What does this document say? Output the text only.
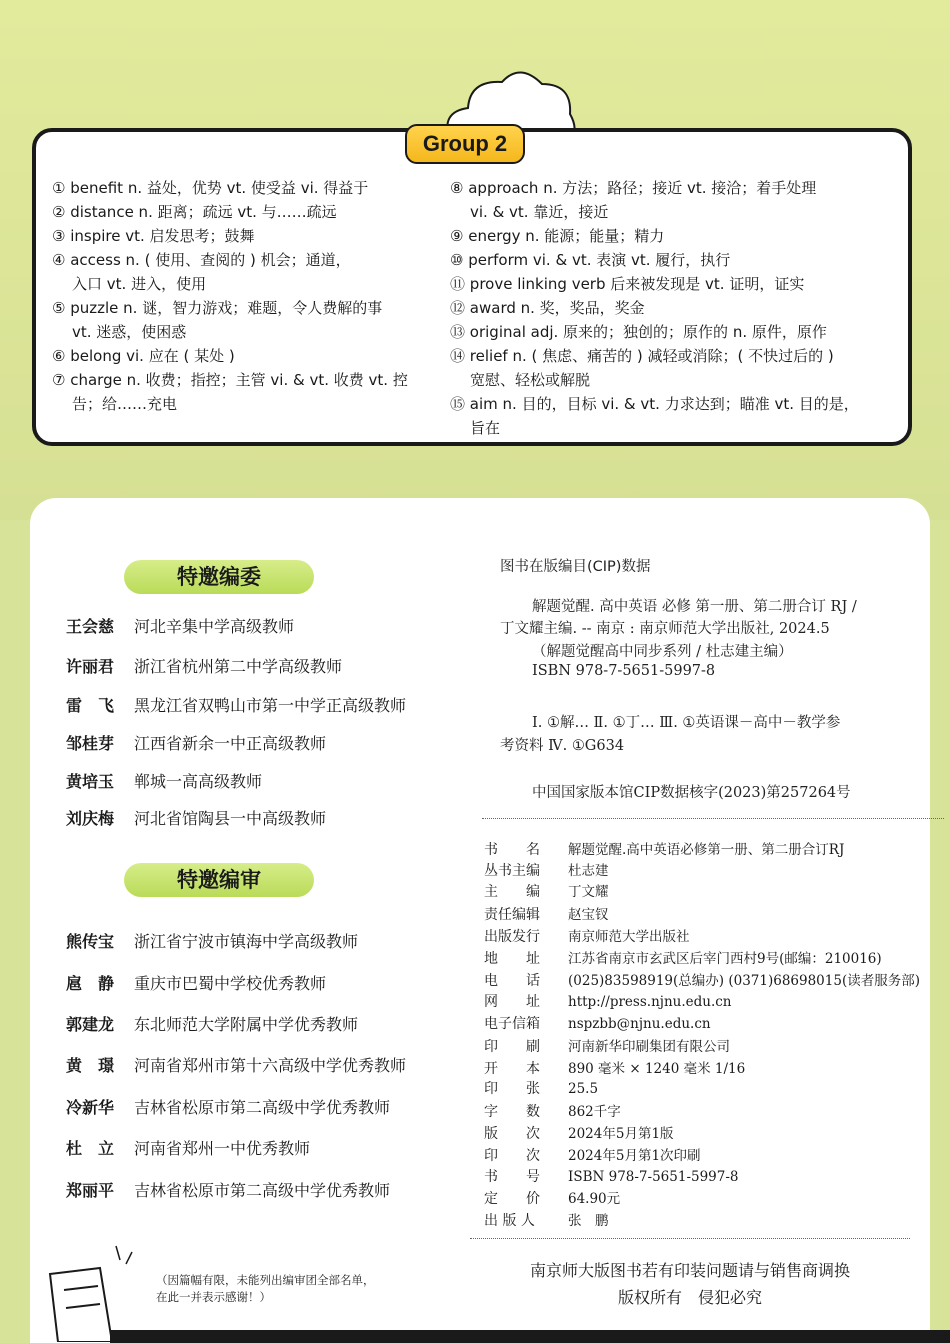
Group 2

① benefit n. 益处，优势 vt. 使受益 vi. 得益于

② distance n. 距离；疏远 vt. 与……疏远

③ inspire vt. 启发思考；鼓舞

④ access n. ( 使用、查阅的 ) 机会；通道，

入口 vt. 进入，使用

⑤ puzzle n. 谜，智力游戏；难题，令人费解的事

vt. 迷惑，使困惑

⑥ belong vi. 应在 ( 某处 )

⑦ charge n. 收费；指控；主管 vi. & vt. 收费 vt. 控

告；给……充电

⑧ approach n. 方法；路径；接近 vt. 接洽；着手处理

vi. & vt. 靠近，接近

⑨ energy n. 能源；能量；精力

⑩ perform vi. & vt. 表演 vt. 履行，执行

⑪ prove linking verb 后来被发现是 vt. 证明，证实

⑫ award n. 奖，奖品，奖金

⑬ original adj. 原来的；独创的；原作的 n. 原件，原作

⑭ relief n. ( 焦虑、痛苦的 ) 减轻或消除；( 不快过后的 )

宽慰、轻松或解脱

⑮ aim n. 目的，目标 vi. & vt. 力求达到；瞄准 vt. 目的是，

旨在

特邀编委
王会慈 河北辛集中学高级教师
许丽君 浙江省杭州第二中学高级教师
雷　飞 黑龙江省双鸭山市第一中学正高级教师
邹桂芽 江西省新余一中正高级教师
黄培玉 郸城一高高级教师
刘庆梅 河北省馆陶县一中高级教师
特邀编审
熊传宝 浙江省宁波市镇海中学高级教师
扈　静 重庆市巴蜀中学校优秀教师
郭建龙 东北师范大学附属中学优秀教师
黄　璟 河南省郑州市第十六高级中学优秀教师
冷新华 吉林省松原市第二高级中学优秀教师
杜　立 河南省郑州一中优秀教师
郑丽平 吉林省松原市第二高级中学优秀教师
（因篇幅有限，未能列出编审团全部名单，
在此一并表示感谢！）
图书在版编目(CIP)数据
解题觉醒. 高中英语 必修 第一册、第二册合订 RJ /
丁文耀主编. -- 南京 : 南京师范大学出版社, 2024.5
（解题觉醒高中同步系列 / 杜志建主编）
ISBN 978-7-5651-5997-8
Ⅰ. ①解… Ⅱ. ①丁… Ⅲ. ①英语课－高中－教学参
考资料 Ⅳ. ①G634
中国国家版本馆CIP数据核字(2023)第257264号
书　　名 解题觉醒.高中英语必修第一册、第二册合订RJ
丛书主编 杜志建
主　　编 丁文耀
责任编辑 赵宝钗
出版发行 南京师范大学出版社
地　　址 江苏省南京市玄武区后宰门西村9号(邮编：210016)
电　　话 (025)83598919(总编办) (0371)68698015(读者服务部)
网　　址 http://press.njnu.edu.cn
电子信箱 nspzbb@njnu.edu.cn
印　　刷 河南新华印刷集团有限公司
开　　本 890 毫米 × 1240 毫米 1/16
印　　张 25.5
字　　数 862千字
版　　次 2024年5月第1版
印　　次 2024年5月第1次印刷
书　　号 ISBN 978-7-5651-5997-8
定　　价 64.90元
出 版 人 张　鹏
南京师大版图书若有印装问题请与销售商调换
版权所有　侵犯必究
